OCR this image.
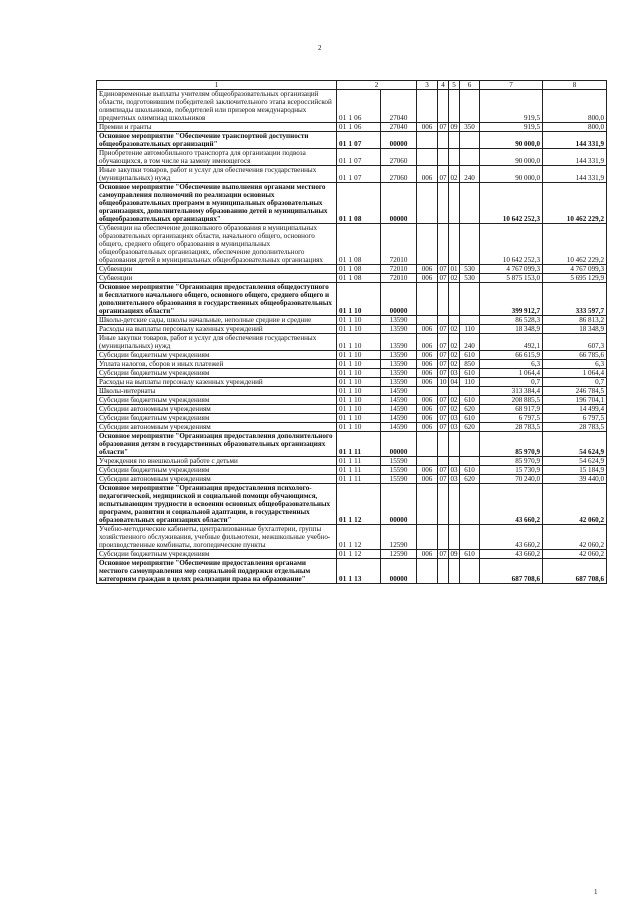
2
1	2		3	4	5	6	7	8
Единовременные выплаты учителям общеобразовательных организаций области, подготовившим победителей заключительного этапа всероссийской олимпиады школьников, победителей или призеров международных предметных олимпиад школьников	01 1 06	27040					919,5	800,0
Премии и гранты	01 1 06	27040	006	07	09	350	919,5	800,0
Основное мероприятие "Обеспечение транспортной доступности общеобразовательных организаций"	01 1 07	00000					90 000,0	144 331,9
Приобретение автомобильного транспорта для организации подвоза обучающихся, в том числе на замену имеющегося	01 1 07	27060					90 000,0	144 331,9
Иные закупки товаров, работ и услуг для обеспечения государственных (муниципальных) нужд	01 1 07	27060	006	07	02	240	90 000,0	144 331,9
Основное мероприятие "Обеспечение выполнения органами местного самоуправления полномочий по реализации основных общеобразовательных программ в муниципальных образовательных организациях, дополнительному образованию детей в муниципальных общеобразовательных организациях"	01 1 08	00000					10 642 252,3	10 462 229,2
Субвенции на обеспечение дошкольного образования в муниципальных образовательных организациях области, начального общего, основного общего, среднего общего образования в муниципальных общеобразовательных организациях, обеспечение дополнительного образования детей в муниципальных общеобразовательных организациях	01 1 08	72010					10 642 252,3	10 462 229,2
Субвенции	01 1 08	72010	006	07	01	530	4 767 099,3	4 767 099,3
Субвенции	01 1 08	72010	006	07	02	530	5 875 153,0	5 695 129,9
Основное мероприятие "Организация предоставления общедоступного и бесплатного начального общего, основного общего, среднего общего и дополнительного образования в государственных общеобразовательных организациях области"	01 1 10	00000					399 912,7	333 597,7
Школы-детские сады, школы начальные, неполные средние и средние	01 1 10	13590					86 528,3	86 813,2
Расходы на выплаты персоналу казенных учреждений	01 1 10	13590	006	07	02	110	18 348,9	18 348,9
Иные закупки товаров, работ и услуг для обеспечения государственных (муниципальных) нужд	01 1 10	13590	006	07	02	240	492,1	607,3
Субсидии бюджетным учреждениям	01 1 10	13590	006	07	02	610	66 615,9	66 785,6
Уплата налогов, сборов и иных платежей	01 1 10	13590	006	07	02	850	6,3	6,3
Субсидии бюджетным учреждениям	01 1 10	13590	006	07	03	610	1 064,4	1 064,4
Расходы на выплаты персоналу казенных учреждений	01 1 10	13590	006	10	04	110	0,7	0,7
Школы-интернаты	01 1 10	14590					313 384,4	246 784,5
Субсидии бюджетным учреждениям	01 1 10	14590	006	07	02	610	208 885,5	196 704,1
Субсидии автономным учреждениям	01 1 10	14590	006	07	02	620	68 917,9	14 499,4
Субсидии бюджетным учреждениям	01 1 10	14590	006	07	03	610	6 797,5	6 797,5
Субсидии автономным учреждениям	01 1 10	14590	006	07	03	620	28 783,5	28 783,5
Основное мероприятие "Организация предоставления дополнительного образования детям в государственных образовательных организациях области"	01 1 11	00000					85 970,9	54 624,9
Учреждения по внешкольной работе с детьми	01 1 11	15590					85 970,9	54 624,9
Субсидии бюджетным учреждениям	01 1 11	15590	006	07	03	610	15 730,9	15 184,9
Субсидии автономным учреждениям	01 1 11	15590	006	07	03	620	70 240,0	39 440,0
Основное мероприятие "Организация предоставления психолого-педагогической, медицинской и социальной помощи обучающимся, испытывающим трудности в освоении основных общеобразовательных программ, развитии и социальной адаптации, в государственных образовательных организациях области"	01 1 12	00000					43 660,2	42 060,2
Учебно-методические кабинеты, централизованные бухгалтерии, группы хозяйственного обслуживания, учебные фильмотеки, межшкольные учебно-производственные комбинаты, логопедические пункты	01 1 12	12590					43 660,2	42 060,2
Субсидии бюджетным учреждениям	01 1 12	12590	006	07	09	610	43 660,2	42 060,2
Основное мероприятие "Обеспечение предоставления органами местного самоуправления мер социальной поддержки отдельным категориям граждан в целях реализации права на образование"	01 1 13	00000					687 708,6	687 708,6
1
